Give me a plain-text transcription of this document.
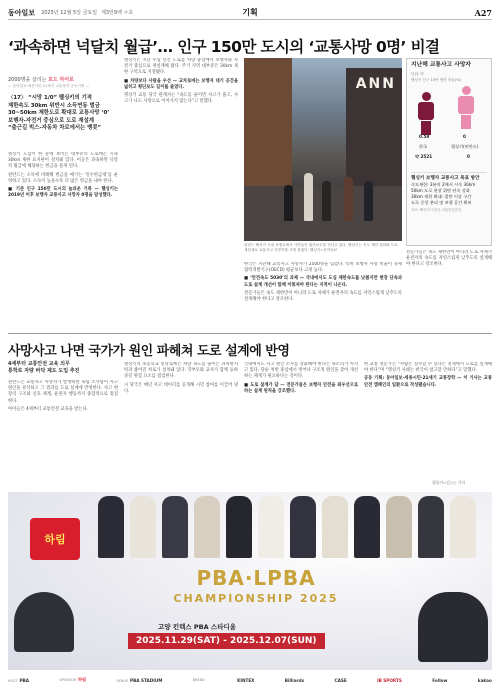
동아일보 2025년 12월 5일 금요일 제3만9백 ㅇ호	기획	A27
‘과속하면 넉달치 월급’… 인구 150만 도시의 ‘교통사망 0명’ 비결
2000명을 살리는 로드 하어로
— 동아일보·세종시민·21세기 교통장학 공동기획 —
〈17〉 “시망 1/0” 펠싱키의 기적
제한속도 30km 위반시 소득연동 벌금
30~50km 제한도로 확대로 교통사망 ‘0’
보행자-자전거 중심으로 도로 재설계
“출근길 빅스-자동차 차로에서는 뱅콧”

헬싱키 도심이 한 눈에 보이는 대부분의 도로에는 시속 30km 제한 표지판이 설치돼 있다. 이곳은 과속하면 넉달치 월급에 해당하는 벌금을 물게 된다.

핀란드는 소득에 비례해 벌금을 매기는 ‘일수벌금제’를 운영하고 있다. 소득이 높을수록 더 많은 벌금을 내야 한다.

■ 기준 인구 150만 도시의 놀라운 기록 — 헬싱키는 2019년 이후 보행자 교통사고 사망자 0명을 달성했다.

헬싱키는 지난 수십 년간 도로를 차량 중심에서 보행자와 자전거 중심으로 재설계해 왔다. 주거 지역 대부분은 30km 제한 구역으로 지정됐다.

■ 차량보다 사람을 우선 — 교차로에는 보행자 대기 공간을 넓히고 횡단보도 길이를 줄였다.

헬싱키 교통 당국 관계자는 “속도를 줄이면 사고가 줄고, 사고가 나도 사망으로 이어지지 않는다”고 말했다.

ANN
핀란드 헬싱키 시내 보행로에서 시민들이 횡단보도를 건너고 있다. 헬싱키는 속도 제한 강화와 도로 재설계로 교통사고 사망자를 크게 줄였다. 헬싱키=동아일보

한국은 지난해 교통사고 사망자가 2500명을 넘었다. 특히 보행자 사망 비율이 경제협력개발기구(OECD) 평균보다 크게 높다.

■ ‘안전속도 5030’의 과제 — 국내에서도 도심 제한속도를 낮췄지만 현장 단속과 도로 설계 개선이 함께 이뤄져야 한다는 지적이 나온다.

전문가들은 속도 제한만이 아니라 도로 자체가 운전자의 속도를 자연스럽게 낮추도록 설계해야 한다고 강조한다.

지난해 교통사고 사망자
단위: 명
헬싱키 인구 10만 명당 비율(%)
0.58	0
한국	헬싱키(핀란드)
약 2521	0
헬싱키 보행자 교통사고 목표 방안
속도제한: 3분의 2에서 시속 30km
50km 도로 현장 위반 단속 강화
30km 제한 확대: 절반 이상 구간
도로 중앙 분리 및 보행 공간 확보
자료: 헬싱키시·한국 교통안전공단

전문가들은 속도 제한만이 아니라 도로 자체가 운전자의 속도를 자연스럽게 낮추도록 설계해야 한다고 강조한다.

사망사고 나면 국가가 원인 파헤쳐 도로 설계에 반영
4세부터 교통안전 교육 의무
통학로 자량 바닥 제도 도입 추진

핀란드는 교통사고 사망자가 발생하면 독립 조사팀이 사고 원인을 분석하고 그 결과를 도로 설계에 반영한다. 사고 현장의 구조와 신호 체계, 운전자 행동까지 종합적으로 점검한다.

아이들은 4세부터 교통안전 교육을 받는다.

헬싱키의 초등학교 통학로에는 차량 속도를 줄이는 과속방지턱과 좁아진 차로가 설치돼 있다. 학부모와 교사가 함께 등하굣길 위험 요소를 점검한다.

시 당국은 매년 사고 데이터를 공개해 시민 참여를 이끌어 낸다.

국내에서도 사고 원인 조사를 강화해야 한다는 목소리가 커지고 있다. 단순 처벌 중심에서 벗어나 구조적 원인을 찾아 개선하는 체계가 필요하다는 것이다.

■ 도로 설계가 답 — 전문가들은 보행자 안전을 최우선으로 하는 설계 원칙을 강조했다.

한 교통 전문가는 “사람은 실수할 수 있다는 전제에서 도로를 설계해야 한다”며 “헬싱키 사례는 한국이 참고할 만하다”고 말했다.

공동 기획: 동아일보·세종시민·21세기 교통장학 — 이 기사는 교통안전 캠페인의 일환으로 작성됐습니다.

헬싱키=김○○ 기자
하림
PBA·LPBA
CHAMPIONSHIP 2025
고양 킨텍스 PBA 스타디움
2025.11.29(SAT) - 2025.12.07(SUN)
HOST PBA	SPONSOR 하림	VENUE PBA STADIUM	BRAND	KINTEX	Billiards	CASE	IB SPORTS	Follow	kakao
